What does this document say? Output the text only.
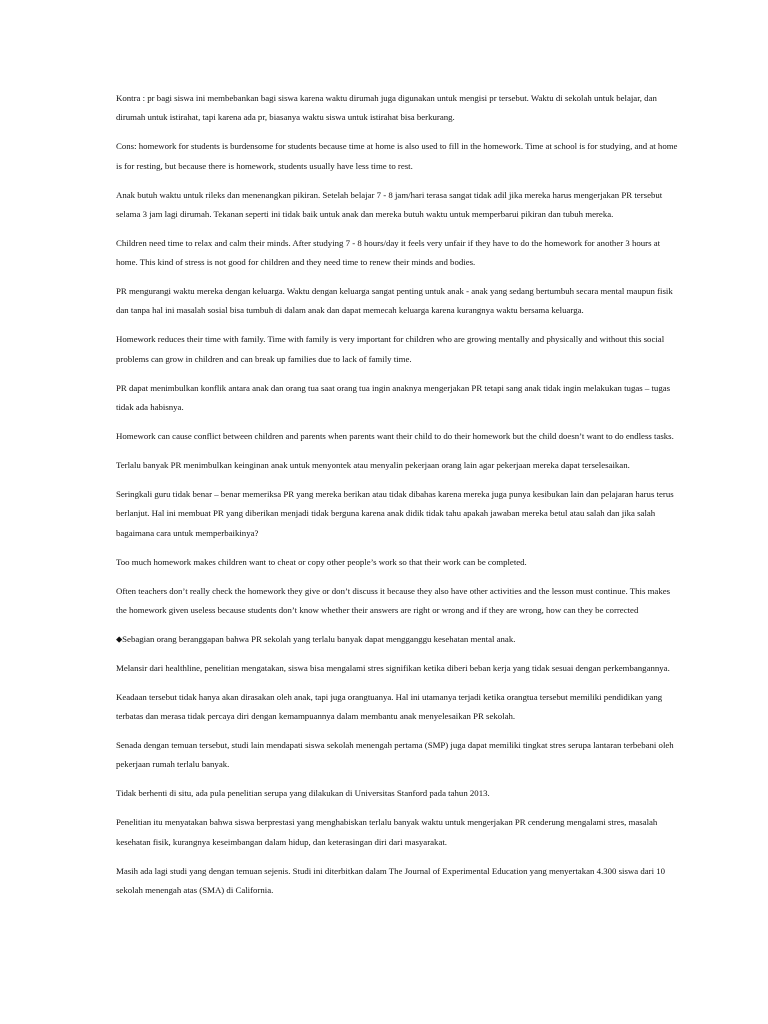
Kontra : pr bagi siswa ini membebankan bagi siswa karena waktu dirumah juga digunakan untuk mengisi pr tersebut. Waktu di sekolah untuk belajar, dan dirumah untuk istirahat, tapi karena ada pr, biasanya waktu siswa untuk istirahat bisa berkurang.

Cons: homework for students is burdensome for students because time at home is also used to fill in the homework. Time at school is for studying, and at home is for resting, but because there is homework, students usually have less time to rest.

Anak butuh waktu untuk rileks dan menenangkan pikiran. Setelah belajar 7 - 8 jam/hari terasa sangat tidak adil jika mereka harus mengerjakan PR tersebut selama 3 jam lagi dirumah. Tekanan seperti ini tidak baik untuk anak dan mereka butuh waktu untuk memperbarui pikiran dan tubuh mereka.

Children need time to relax and calm their minds. After studying 7 - 8 hours/day it feels very unfair if they have to do the homework for another 3 hours at home. This kind of stress is not good for children and they need time to renew their minds and bodies.

PR mengurangi waktu mereka dengan keluarga. Waktu dengan keluarga sangat penting untuk anak - anak yang sedang bertumbuh secara mental maupun fisik dan tanpa hal ini masalah sosial bisa tumbuh di dalam anak dan dapat memecah keluarga karena kurangnya waktu bersama keluarga.

Homework reduces their time with family. Time with family is very important for children who are growing mentally and physically and without this social problems can grow in children and can break up families due to lack of family time.

PR dapat menimbulkan konflik antara anak dan orang tua saat orang tua ingin anaknya mengerjakan PR tetapi sang anak tidak ingin melakukan tugas – tugas tidak ada habisnya.

Homework can cause conflict between children and parents when parents want their child to do their homework but the child doesn’t want to do endless tasks.

Terlalu banyak PR menimbulkan keinginan anak untuk menyontek atau menyalin pekerjaan orang lain agar pekerjaan mereka dapat terselesaikan.

Seringkali guru tidak benar – benar memeriksa PR yang mereka berikan atau tidak dibahas karena mereka juga punya kesibukan lain dan pelajaran harus terus berlanjut. Hal ini membuat PR yang diberikan menjadi tidak berguna karena anak didik tidak tahu apakah jawaban mereka betul atau salah dan jika salah bagaimana cara untuk memperbaikinya?

Too much homework makes children want to cheat or copy other people’s work so that their work can be completed.

Often teachers don’t really check the homework they give or don’t discuss it because they also have other activities and the lesson must continue. This makes the homework given useless because students don’t know whether their answers are right or wrong and if they are wrong, how can they be corrected

⬥Sebagian orang beranggapan bahwa PR sekolah yang terlalu banyak dapat mengganggu kesehatan mental anak.

Melansir dari healthline, penelitian mengatakan, siswa bisa mengalami stres signifikan ketika diberi beban kerja yang tidak sesuai dengan perkembangannya.

Keadaan tersebut tidak hanya akan dirasakan oleh anak, tapi juga orangtuanya. Hal ini utamanya terjadi ketika orangtua tersebut memiliki pendidikan yang terbatas dan merasa tidak percaya diri dengan kemampuannya dalam membantu anak menyelesaikan PR sekolah.

Senada dengan temuan tersebut, studi lain mendapati siswa sekolah menengah pertama (SMP) juga dapat memiliki tingkat stres serupa lantaran terbebani oleh pekerjaan rumah terlalu banyak.

Tidak berhenti di situ, ada pula penelitian serupa yang dilakukan di Universitas Stanford pada tahun 2013.

Penelitian itu menyatakan bahwa siswa berprestasi yang menghabiskan terlalu banyak waktu untuk mengerjakan PR cenderung mengalami stres, masalah kesehatan fisik, kurangnya keseimbangan dalam hidup, dan keterasingan diri dari masyarakat.

Masih ada lagi studi yang dengan temuan sejenis. Studi ini diterbitkan dalam The Journal of Experimental Education yang menyertakan 4.300 siswa dari 10 sekolah menengah atas (SMA) di California.
